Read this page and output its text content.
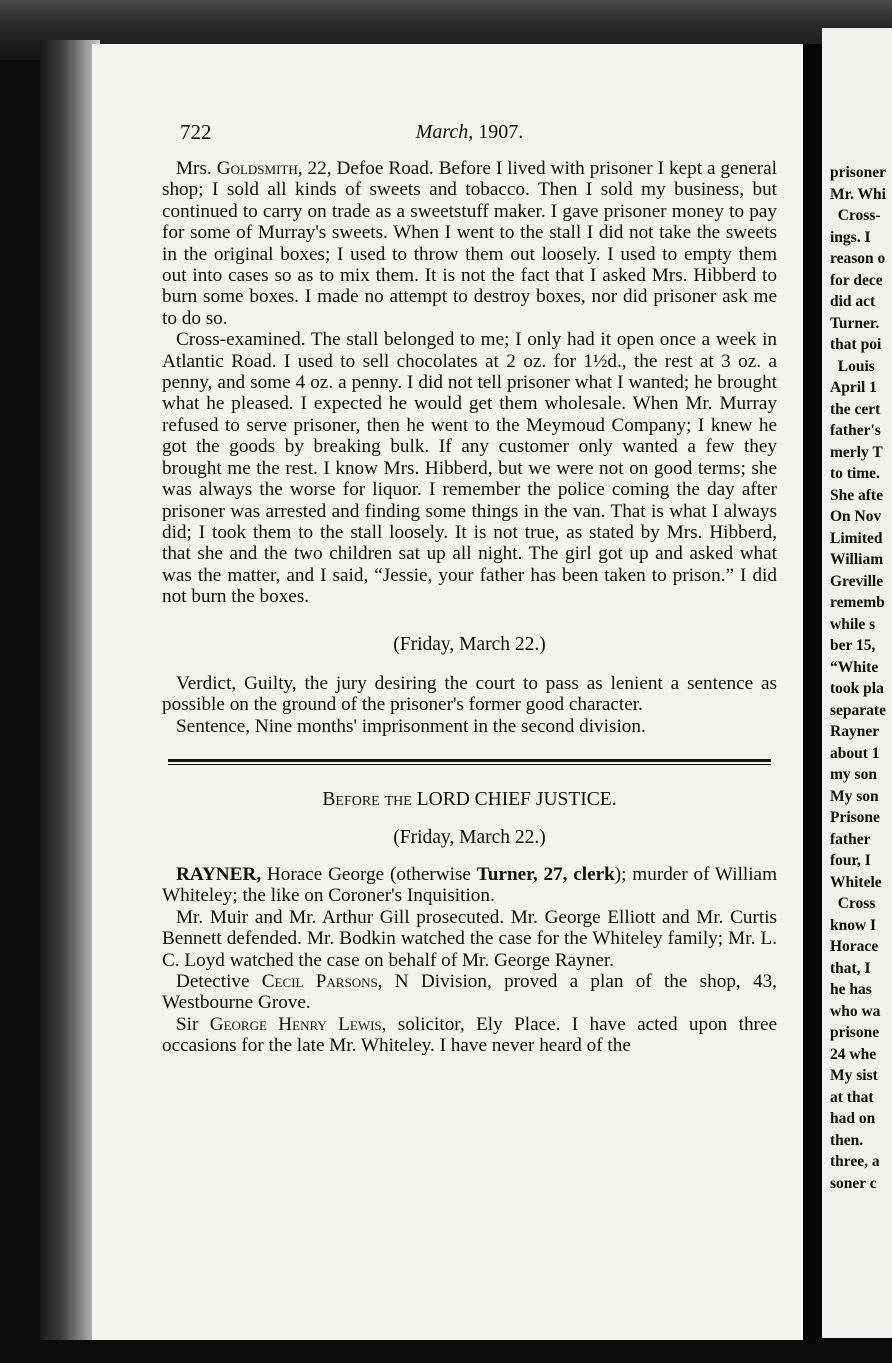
722	March, 1907.

Mrs. Goldsmith, 22, Defoe Road. Before I lived with prisoner I kept a general shop; I sold all kinds of sweets and tobacco. Then I sold my business, but continued to carry on trade as a sweetstuff maker. I gave prisoner money to pay for some of Murray's sweets. When I went to the stall I did not take the sweets in the original boxes; I used to throw them out loosely. I used to empty them out into cases so as to mix them. It is not the fact that I asked Mrs. Hibberd to burn some boxes. I made no attempt to destroy boxes, nor did prisoner ask me to do so.

Cross-examined. The stall belonged to me; I only had it open once a week in Atlantic Road. I used to sell chocolates at 2 oz. for 1½d., the rest at 3 oz. a penny, and some 4 oz. a penny. I did not tell prisoner what I wanted; he brought what he pleased. I expected he would get them wholesale. When Mr. Murray refused to serve prisoner, then he went to the Meymoud Company; I knew he got the goods by breaking bulk. If any customer only wanted a few they brought me the rest. I know Mrs. Hibberd, but we were not on good terms; she was always the worse for liquor. I remember the police coming the day after prisoner was arrested and finding some things in the van. That is what I always did; I took them to the stall loosely. It is not true, as stated by Mrs. Hibberd, that she and the two children sat up all night. The girl got up and asked what was the matter, and I said, “Jessie, your father has been taken to prison.” I did not burn the boxes.

(Friday, March 22.)

Verdict, Guilty, the jury desiring the court to pass as lenient a sentence as possible on the ground of the prisoner's former good character.

Sentence, Nine months' imprisonment in the second division.

Before the LORD CHIEF JUSTICE.

(Friday, March 22.)

RAYNER, Horace George (otherwise Turner, 27, clerk); murder of William Whiteley; the like on Coroner's Inquisition.

Mr. Muir and Mr. Arthur Gill prosecuted. Mr. George Elliott and Mr. Curtis Bennett defended. Mr. Bodkin watched the case for the Whiteley family; Mr. L. C. Loyd watched the case on behalf of Mr. George Rayner.

Detective Cecil Parsons, N Division, proved a plan of the shop, 43, Westbourne Grove.

Sir George Henry Lewis, solicitor, Ely Place. I have acted upon three occasions for the late Mr. Whiteley. I have never heard of the

prisoner
Mr. Whi
Cross-
ings. I
reason o
for dece
did act
Turner.
that poi
Louis
April 1
the cert
father's
merly T
to time.
She afte
On Nov
Limited
William
Greville
rememb
while s
ber 15,
“White
took pla
separate
Rayner
about 1
my son
My son
Prisone
father
four, I
Whitele
Cross
know I
Horace
that, I
he has
who wa
prisone
24 whe
My sist
at that
had on
then.
three, a
soner c
